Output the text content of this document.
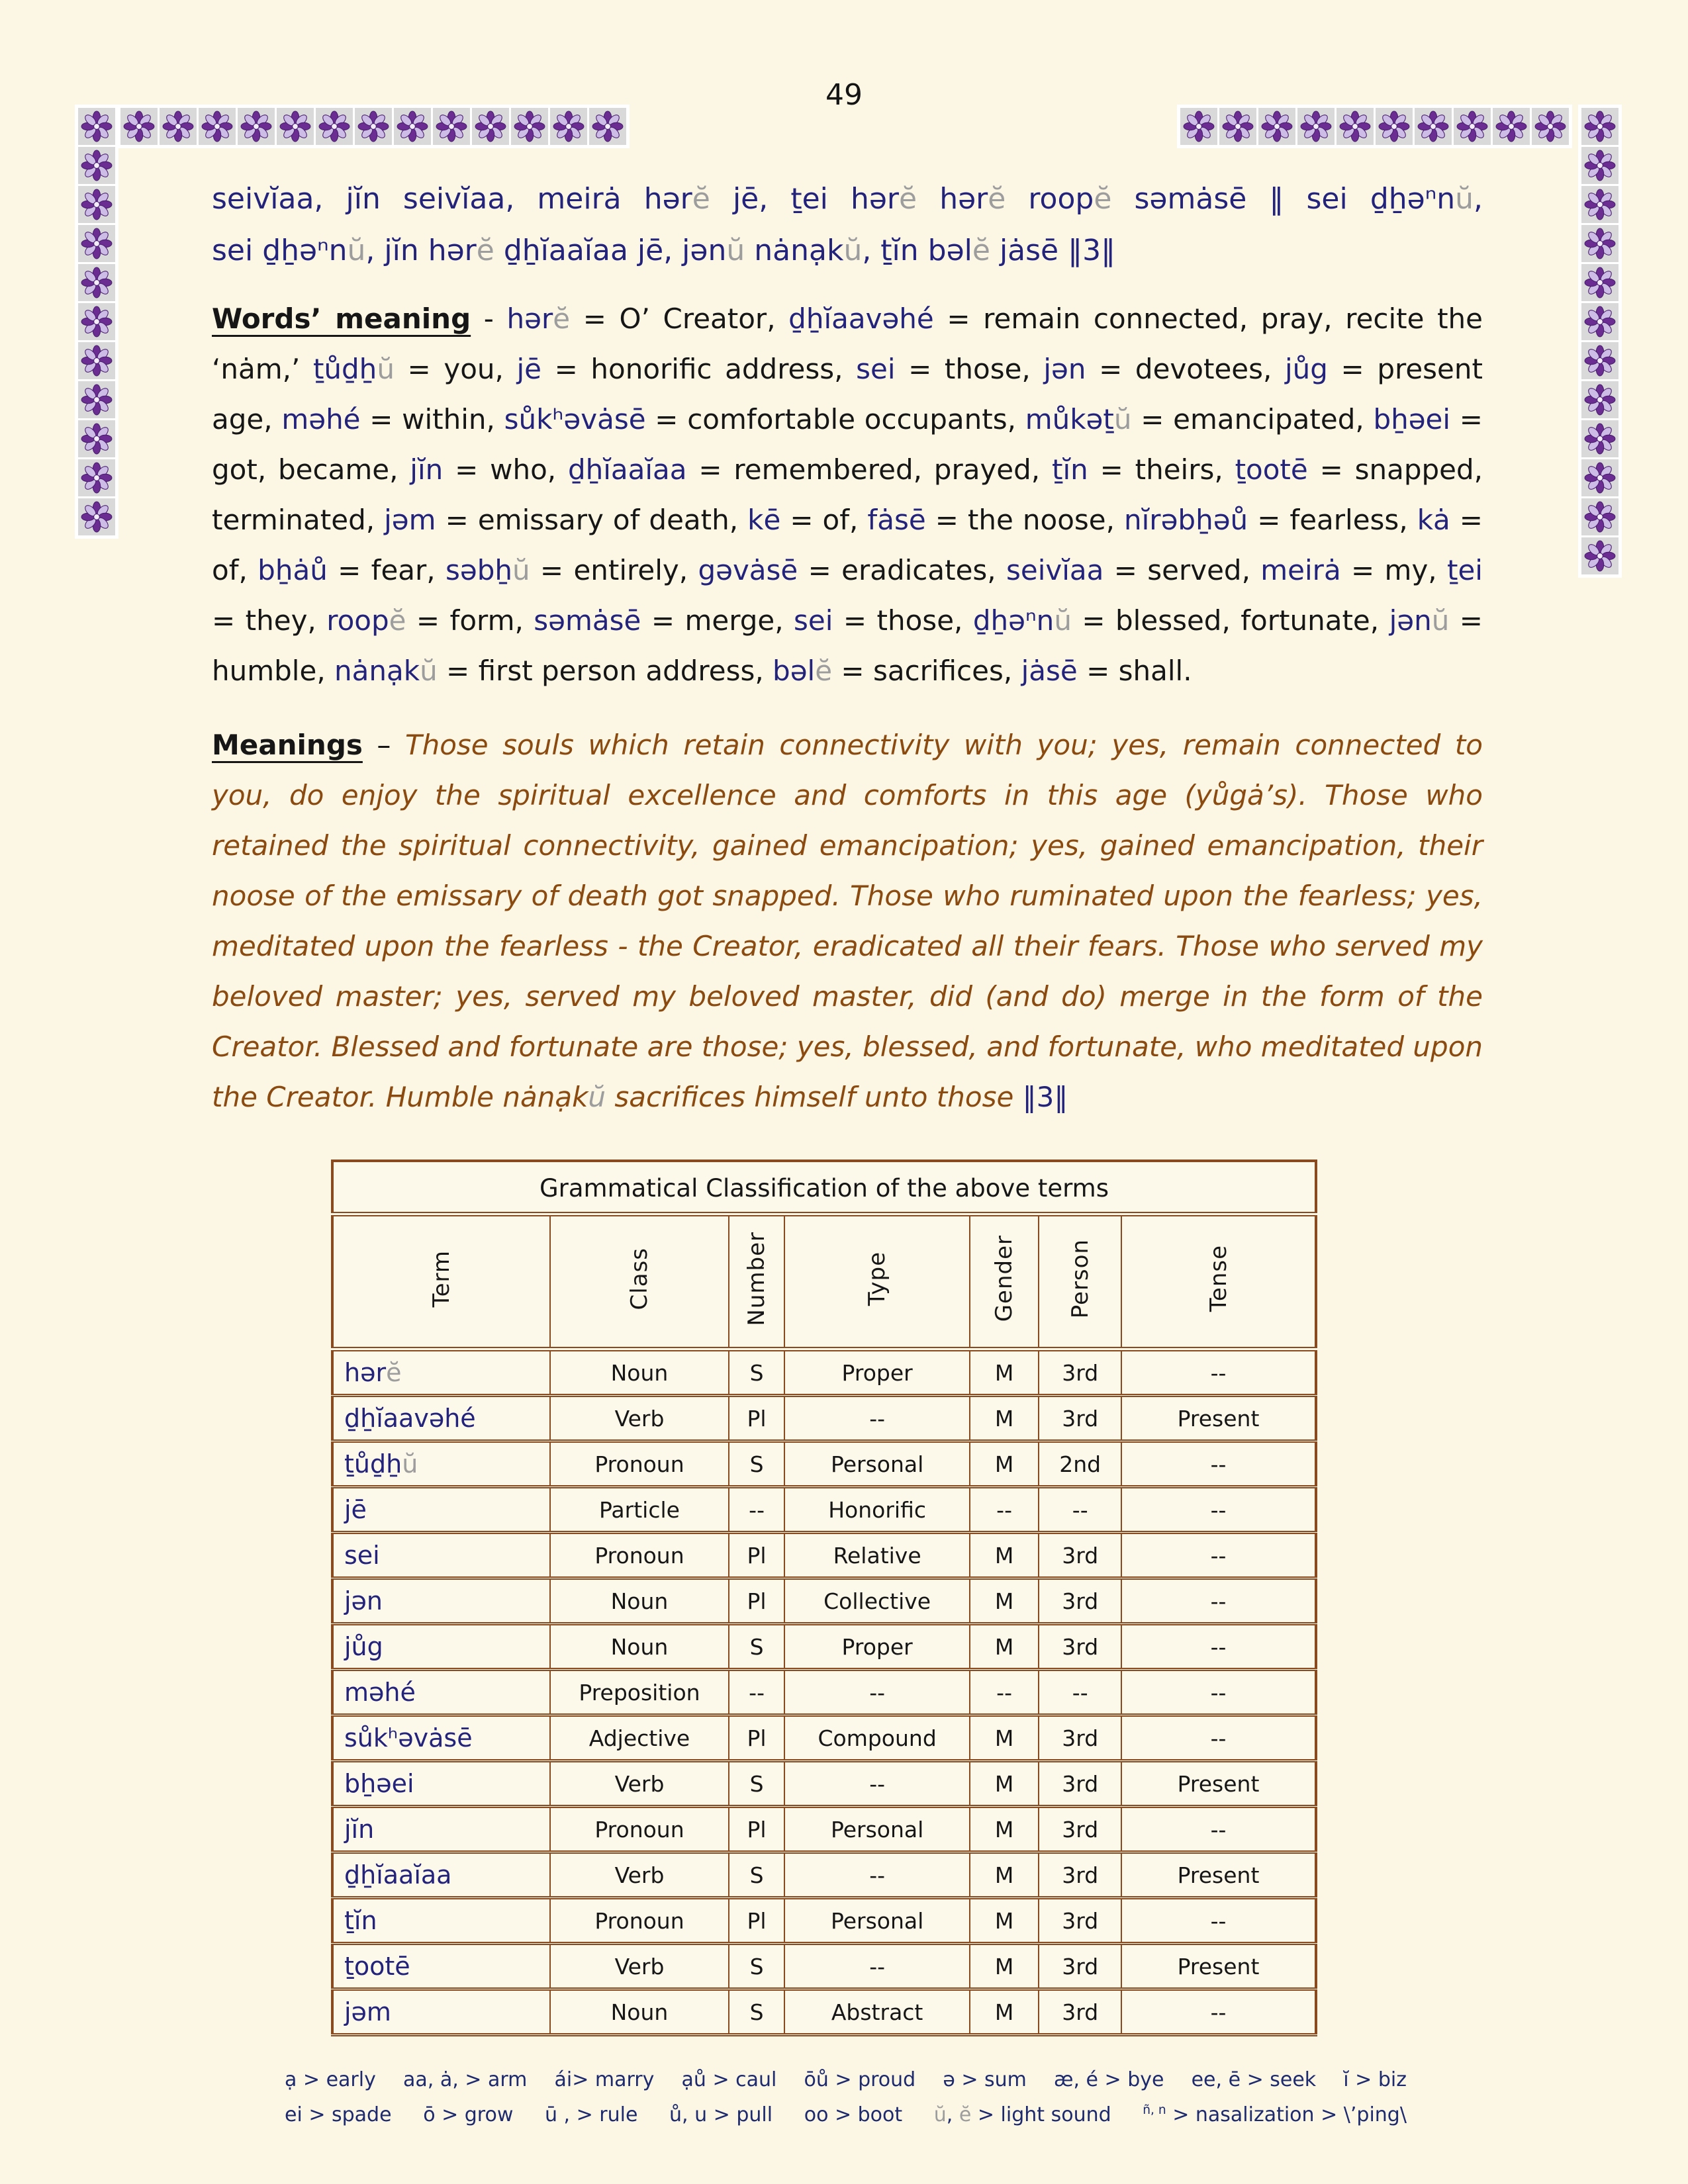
49

seivĭaa, jĭn seivĭaa, meirȧ hərĕ jē, ṯei hərĕ hərĕ roopĕ səmȧsē ‖ sei ḏẖəⁿnŭ,

sei ḏẖəⁿnŭ, jĭn hərĕ ḏẖĭaaĭaa jē, jənŭ nȧnạkŭ, ṯĭn bəlĕ jȧsē ‖3‖

Words’ meaning - hərĕ = O’ Creator, ḏẖĭaavəhé = remain connected, pray, recite the ‘nȧm,’ ṯůḏẖŭ = you, jē = honorific address, sei = those, jən = devotees, jůg = present age, məhé = within, sůkʰəvȧsē = comfortable occupants, můkəṯŭ = emancipated, bẖəei = got, became, jĭn = who, ḏẖĭaaĭaa = remembered, prayed, ṯĭn = theirs, ṯootē = snapped, terminated, jəm = emissary of death, kē = of, fȧsē = the noose, nĭrəbẖəů = fearless, kȧ = of, bẖȧů = fear, səbẖŭ = entirely, gəvȧsē = eradicates, seivĭaa = served, meirȧ = my, ṯei = they, roopĕ = form, səmȧsē = merge, sei = those, ḏẖəⁿnŭ = blessed, fortunate, jənŭ = humble, nȧnạkŭ = first person address, bəlĕ = sacrifices, jȧsē = shall.

Meanings – Those souls which retain connectivity with you; yes, remain connected to you, do enjoy the spiritual excellence and comforts in this age (yůgȧ’s). Those who retained the spiritual connectivity, gained emancipation; yes, gained emancipation, their noose of the emissary of death got snapped. Those who ruminated upon the fearless; yes, meditated upon the fearless - the Creator, eradicated all their fears. Those who served my beloved master; yes, served my beloved master, did (and do) merge in the form of the Creator. Blessed and fortunate are those; yes, blessed, and fortunate, who meditated upon the Creator. Humble nȧnạkŭ sacrifices himself unto those ‖3‖

Grammatical Classification of the above terms						
Term	Class	Number	Type	Gender	Person	Tense
hərĕ	Noun	S	Proper	M	3rd	--
ḏẖĭaavəhé	Verb	Pl	--	M	3rd	Present
ṯůḏẖŭ	Pronoun	S	Personal	M	2nd	--
jē	Particle	--	Honorific	--	--	--
sei	Pronoun	Pl	Relative	M	3rd	--
jən	Noun	Pl	Collective	M	3rd	--
jůg	Noun	S	Proper	M	3rd	--
məhé	Preposition	--	--	--	--	--
sůkʰəvȧsē	Adjective	Pl	Compound	M	3rd	--
bẖəei	Verb	S	--	M	3rd	Present
jĭn	Pronoun	Pl	Personal	M	3rd	--
ḏẖĭaaĭaa	Verb	S	--	M	3rd	Present
ṯĭn	Pronoun	Pl	Personal	M	3rd	--
ṯootē	Verb	S	--	M	3rd	Present
jəm	Noun	S	Abstract	M	3rd	--
ạ > early aa, ȧ, > arm ái> marry ạů > caul ōů > proud ə > sum æ, é > bye ee, ē > seek ĭ > biz
ei > spade ō > grow ū , > rule ů, u > pull oo > boot ŭ, ĕ > light sound	$^{ñ, n}$ > nasalization > \’ping\
